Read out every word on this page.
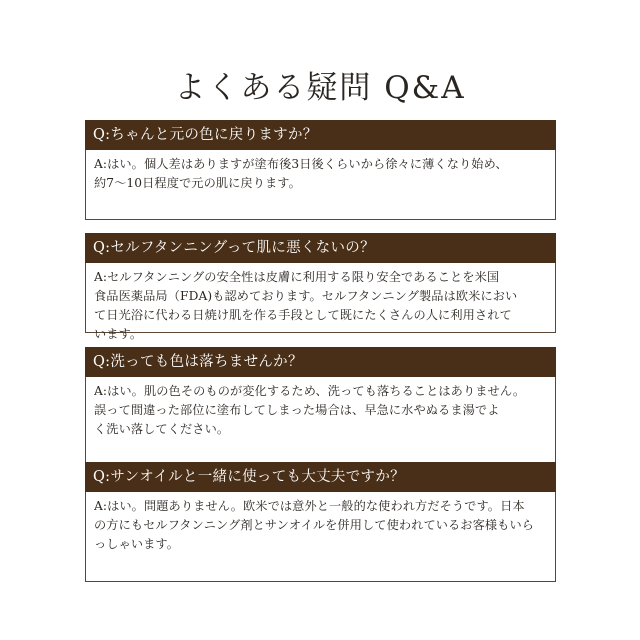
よくある疑問 Q&A
Q:ちゃんと元の色に戻りますか？
A:はい。個人差はありますが塗布後3日後くらいから徐々に薄くなり始め、
約7～10日程度で元の肌に戻ります。
Q:セルフタンニングって肌に悪くないの？
A:セルフタンニングの安全性は皮膚に利用する限り安全であることを米国
食品医薬品局（FDA)も認めております。セルフタンニング製品は欧米におい
て日光浴に代わる日焼け肌を作る手段として既にたくさんの人に利用されて
います。
Q:洗っても色は落ちませんか？
A:はい。肌の色そのものが変化するため、洗っても落ちることはありません。
誤って間違った部位に塗布してしまった場合は、早急に水やぬるま湯でよ
く洗い落してください。
Q:サンオイルと一緒に使っても大丈夫ですか？
A:はい。問題ありません。欧米では意外と一般的な使われ方だそうです。日本
の方にもセルフタンニング剤とサンオイルを併用して使われているお客様もいら
っしゃいます。
